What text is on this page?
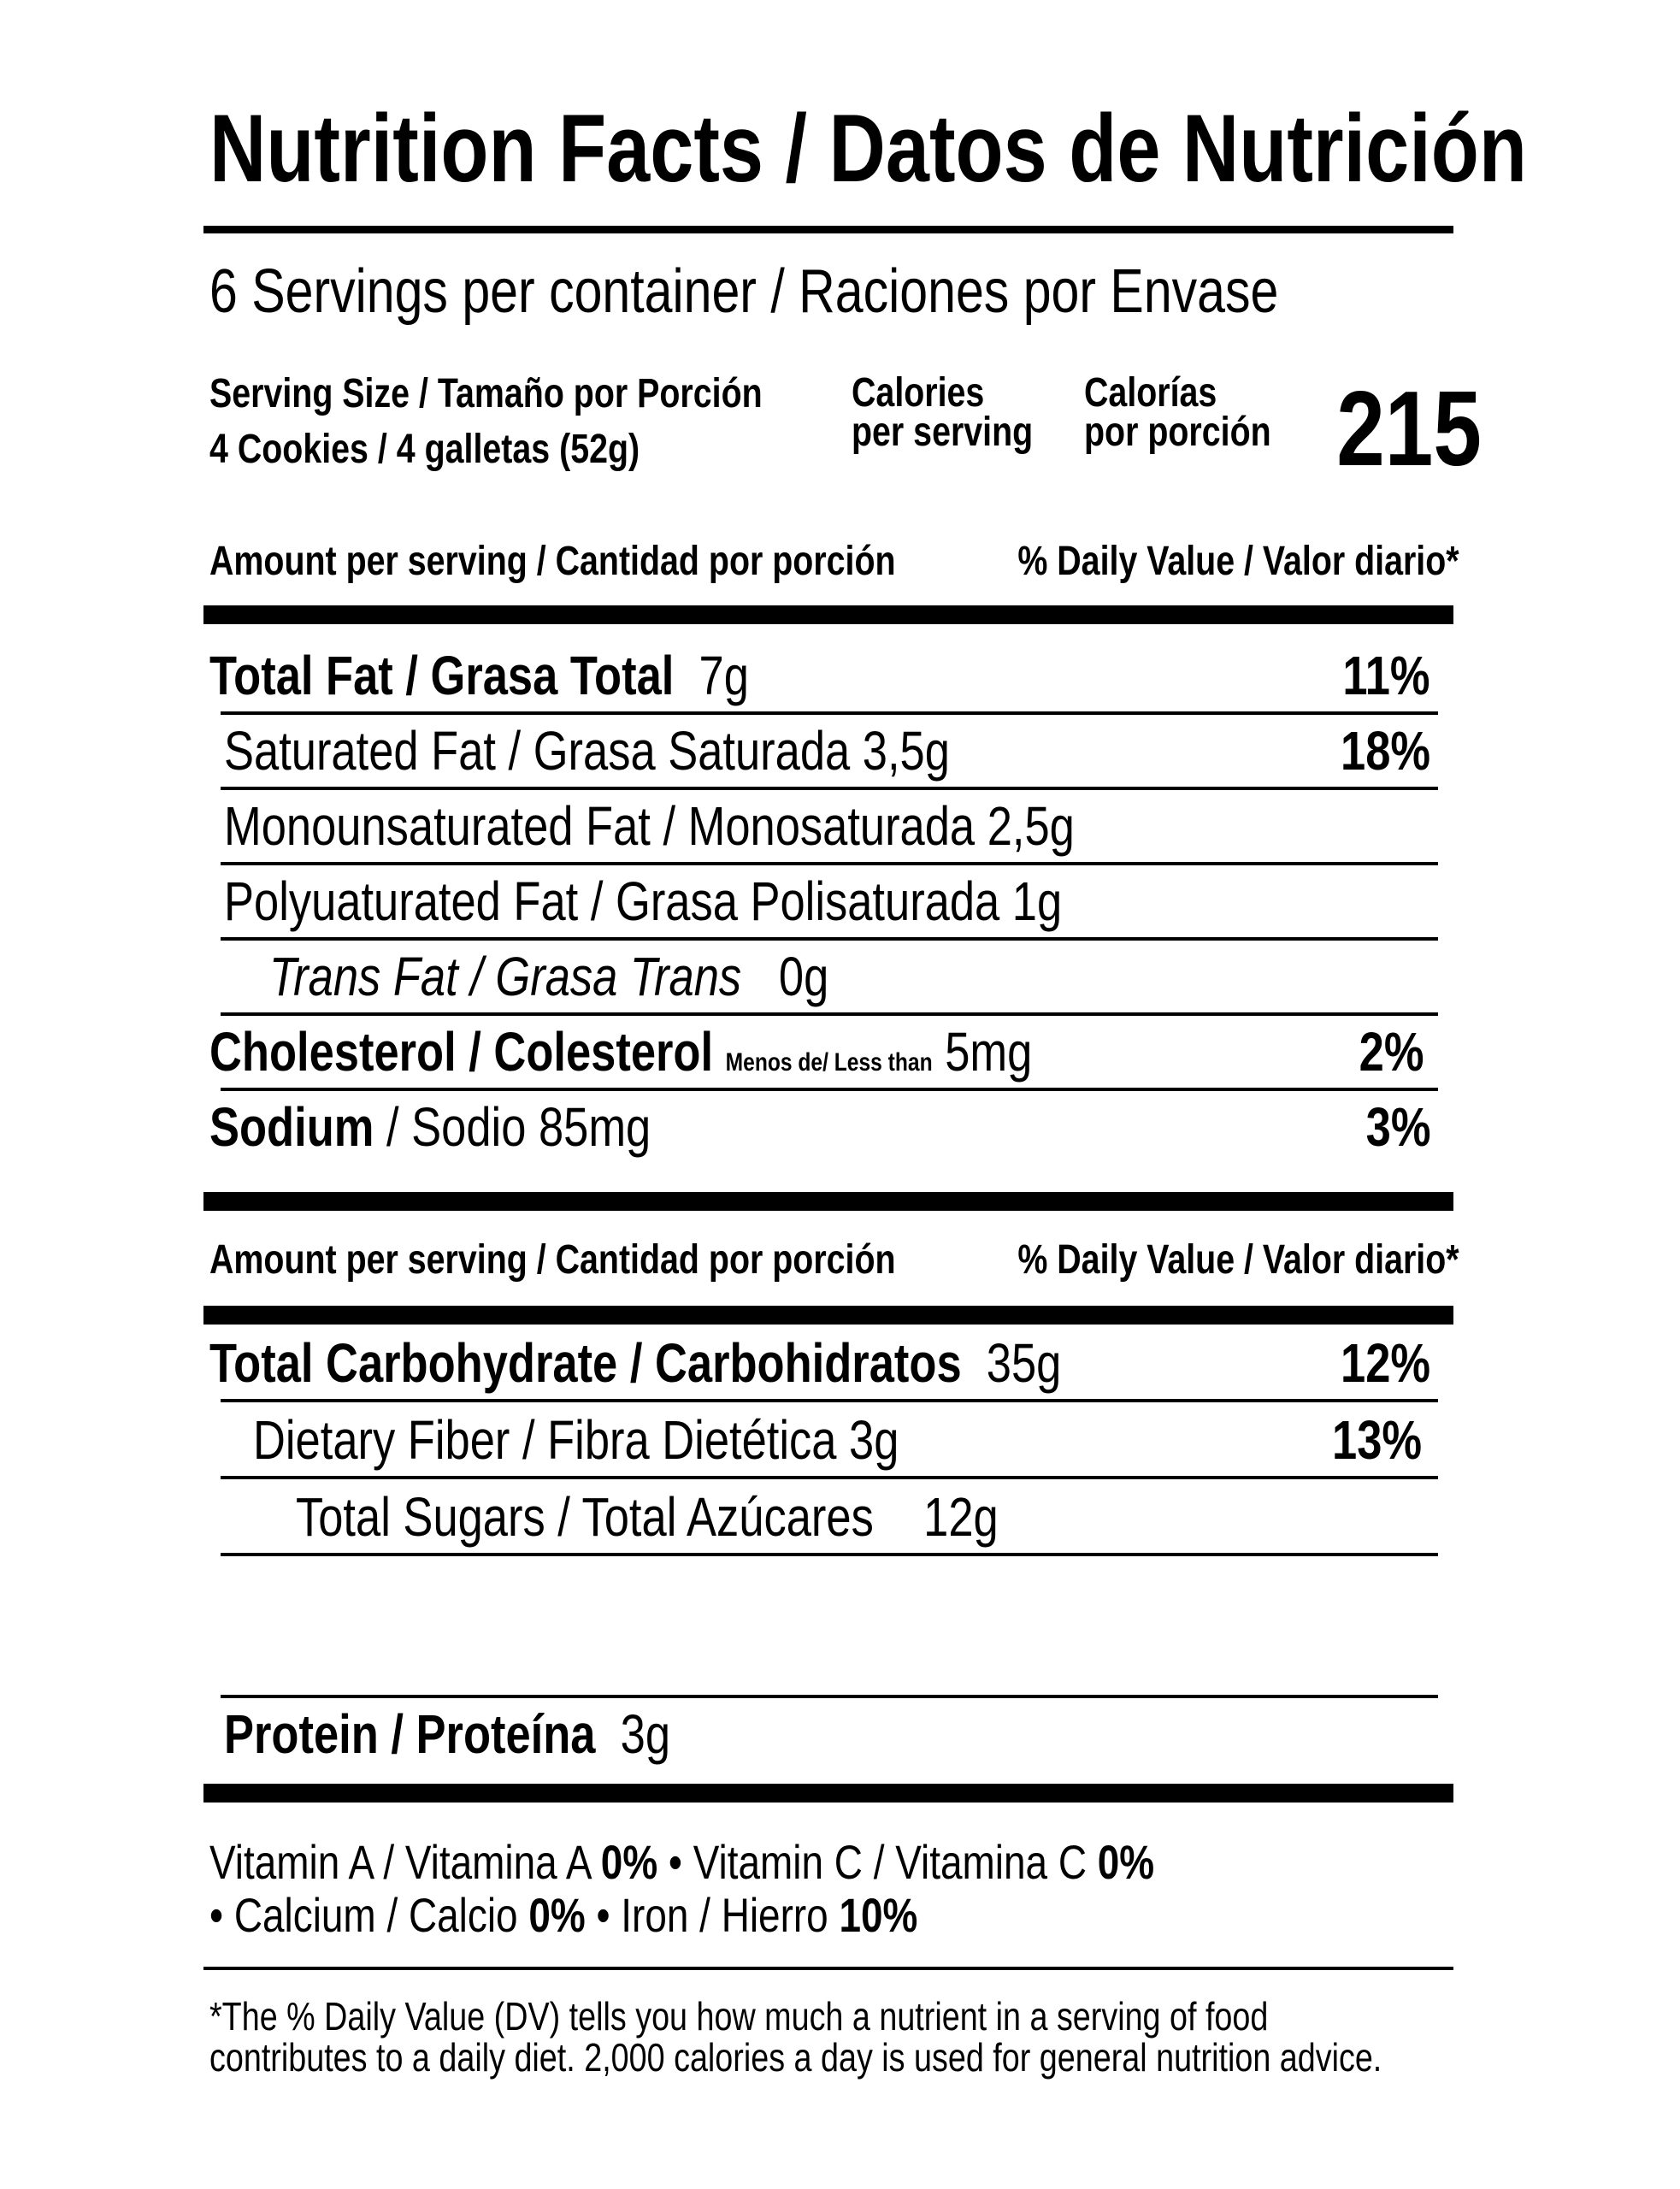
Nutrition Facts / Datos de Nutrición
6 Servings per container / Raciones por Envase
Serving Size / Tamaño por Porción
4 Cookies / 4 galletas (52g)
Calories
per serving
Calorías
por porción 215
Amount per serving / Cantidad por porción	% Daily Value / Valor diario*
Total Fat / Grasa Total 7g	11%
Saturated Fat / Grasa Saturada 3,5g	18%
Monounsaturated Fat / Monosaturada 2,5g
Polyuaturated Fat / Grasa Polisaturada 1g
Trans Fat / Grasa Trans 0g
Cholesterol / Colesterol Menos de/ Less than 5mg	2%
Sodium / Sodio 85mg	3%
Amount per serving / Cantidad por porción	% Daily Value / Valor diario*
Total Carbohydrate / Carbohidratos 35g	12%
Dietary Fiber / Fibra Dietética 3g	13%
Total Sugars / Total Azúcares 12g
Protein / Proteína 3g
Vitamin A / Vitamina A 0% • Vitamin C / Vitamina C 0%
• Calcium / Calcio 0% • Iron / Hierro 10%
*The % Daily Value (DV) tells you how much a nutrient in a serving of food
contributes to a daily diet. 2,000 calories a day is used for general nutrition advice.
